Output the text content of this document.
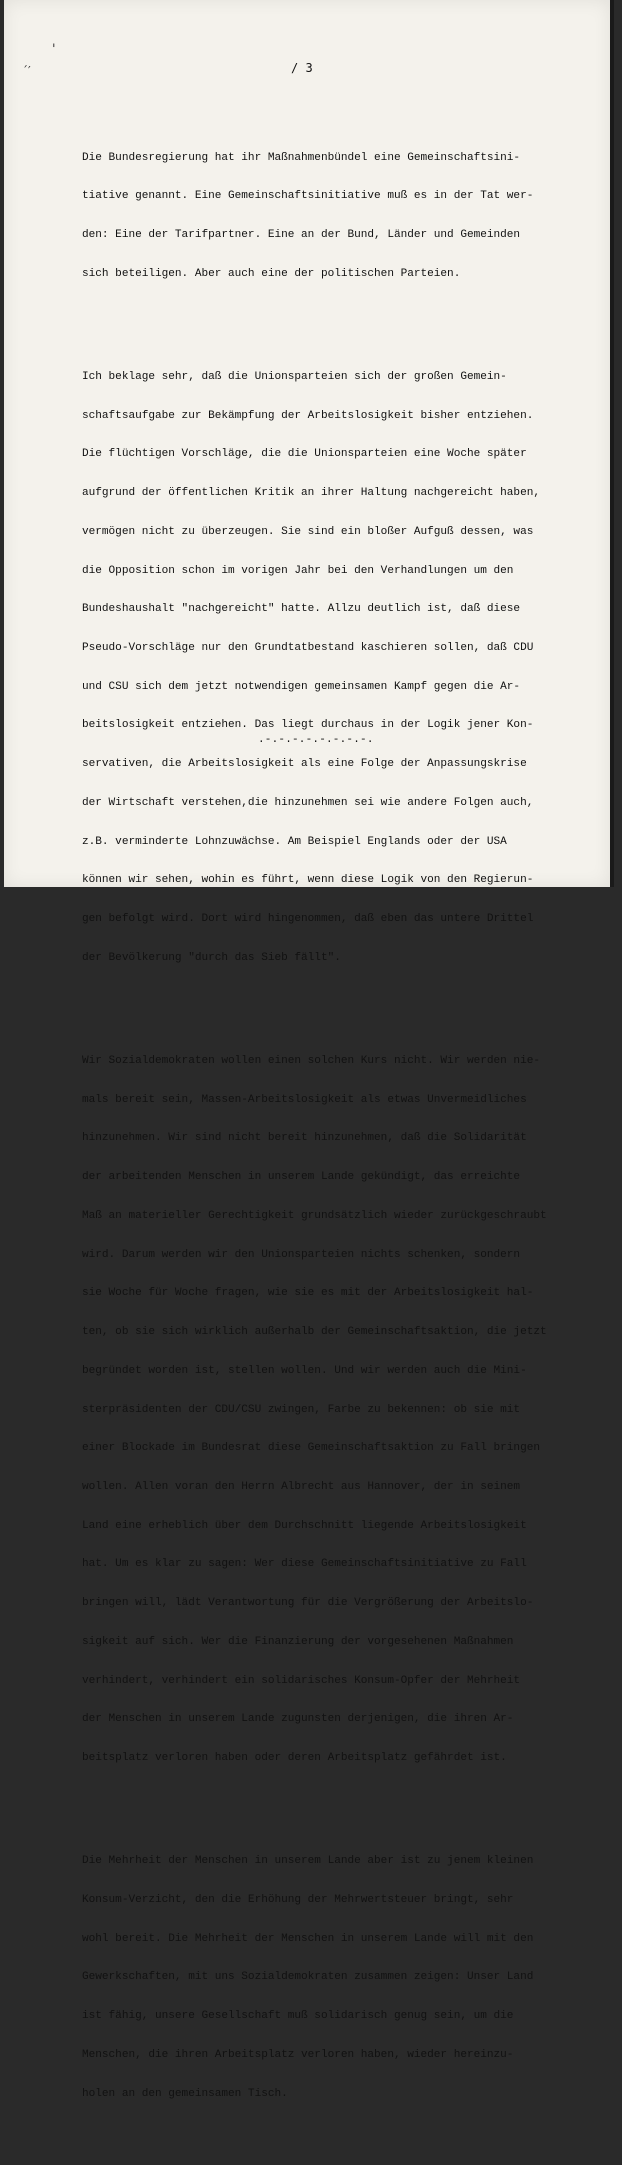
'
´′	/ 3

Die Bundesregierung hat ihr Maßnahmenbündel eine Gemeinschaftsini-

tiative genannt. Eine Gemeinschaftsinitiative muß es in der Tat wer-

den: Eine der Tarifpartner. Eine an der Bund, Länder und Gemeinden

sich beteiligen. Aber auch eine der politischen Parteien.

Ich beklage sehr, daß die Unionsparteien sich der großen Gemein-

schaftsaufgabe zur Bekämpfung der Arbeitslosigkeit bisher entziehen.

Die flüchtigen Vorschläge, die die Unionsparteien eine Woche später

aufgrund der öffentlichen Kritik an ihrer Haltung nachgereicht haben,

vermögen nicht zu überzeugen. Sie sind ein bloßer Aufguß dessen, was

die Opposition schon im vorigen Jahr bei den Verhandlungen um den

Bundeshaushalt "nachgereicht" hatte. Allzu deutlich ist, daß diese

Pseudo-Vorschläge nur den Grundtatbestand kaschieren sollen, daß CDU

und CSU sich dem jetzt notwendigen gemeinsamen Kampf gegen die Ar-

beitslosigkeit entziehen. Das liegt durchaus in der Logik jener Kon-

servativen, die Arbeitslosigkeit als eine Folge der Anpassungskrise

der Wirtschaft verstehen,die hinzunehmen sei wie andere Folgen auch,

z.B. verminderte Lohnzuwächse. Am Beispiel Englands oder der USA

können wir sehen, wohin es führt, wenn diese Logik von den Regierun-

gen befolgt wird. Dort wird hingenommen, daß eben das untere Drittel

der Bevölkerung "durch das Sieb fällt".

Wir Sozialdemokraten wollen einen solchen Kurs nicht. Wir werden nie-

mals bereit sein, Massen-Arbeitslosigkeit als etwas Unvermeidliches

hinzunehmen. Wir sind nicht bereit hinzunehmen, daß die Solidarität

der arbeitenden Menschen in unserem Lande gekündigt, das erreichte

Maß an materieller Gerechtigkeit grundsätzlich wieder zurückgeschraubt

wird. Darum werden wir den Unionsparteien nichts schenken, sondern

sie Woche für Woche fragen, wie sie es mit der Arbeitslosigkeit hal-

ten, ob sie sich wirklich außerhalb der Gemeinschaftsaktion, die jetzt

begründet worden ist, stellen wollen. Und wir werden auch die Mini-

sterpräsidenten der CDU/CSU zwingen, Farbe zu bekennen: ob sie mit

einer Blockade im Bundesrat diese Gemeinschaftsaktion zu Fall bringen

wollen. Allen voran den Herrn Albrecht aus Hannover, der in seinem

Land eine erheblich über dem Durchschnitt liegende Arbeitslosigkeit

hat. Um es klar zu sagen: Wer diese Gemeinschaftsinitiative zu Fall

bringen will, lädt Verantwortung für die Vergrößerung der Arbeitslo-

sigkeit auf sich. Wer die Finanzierung der vorgesehenen Maßnahmen

verhindert, verhindert ein solidarisches Konsum-Opfer der Mehrheit

der Menschen in unserem Lande zugunsten derjenigen, die ihren Ar-

beitsplatz verloren haben oder deren Arbeitsplatz gefährdet ist.

Die Mehrheit der Menschen in unserem Lande aber ist zu jenem kleinen

Konsum-Verzicht, den die Erhöhung der Mehrwertsteuer bringt, sehr

wohl bereit. Die Mehrheit der Menschen in unserem Lande will mit den

Gewerkschaften, mit uns Sozialdemokraten zusammen zeigen: Unser Land

ist fähig, unsere Gesellschaft muß solidarisch genug sein, um die

Menschen, die ihren Arbeitsplatz verloren haben, wieder hereinzu-

holen an den gemeinsamen Tisch.

.-.-.-.-.-.-.-.-.
